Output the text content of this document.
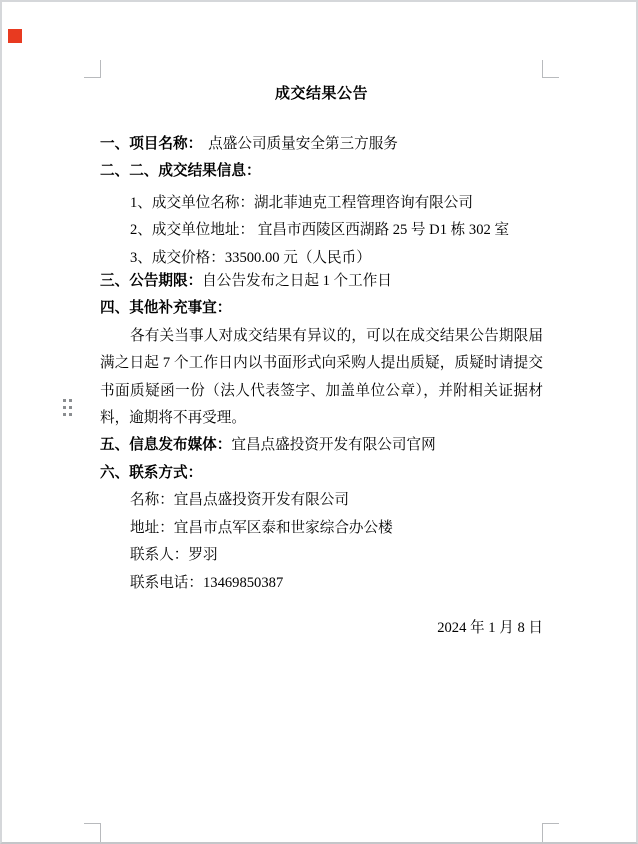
成交结果公告
一、项目名称： 点盛公司质量安全第三方服务
二、二、成交结果信息：
1、成交单位名称：湖北菲迪克工程管理咨询有限公司
2、成交单位地址： 宜昌市西陵区西湖路 25 号 D1 栋 302 室
3、成交价格：33500.00 元（人民币）
三、公告期限：自公告发布之日起 1 个工作日
四、其他补充事宜：
各有关当事人对成交结果有异议的，可以在成交结果公告期限届满之日起 7 个工作日内以书面形式向采购人提出质疑，质疑时请提交书面质疑函一份（法人代表签字、加盖单位公章），并附相关证据材料，逾期将不再受理。
五、信息发布媒体：宜昌点盛投资开发有限公司官网
六、联系方式：
名称：宜昌点盛投资开发有限公司
地址：宜昌市点军区泰和世家综合办公楼
联系人：罗羽
联系电话：13469850387
2024 年 1 月 8 日
